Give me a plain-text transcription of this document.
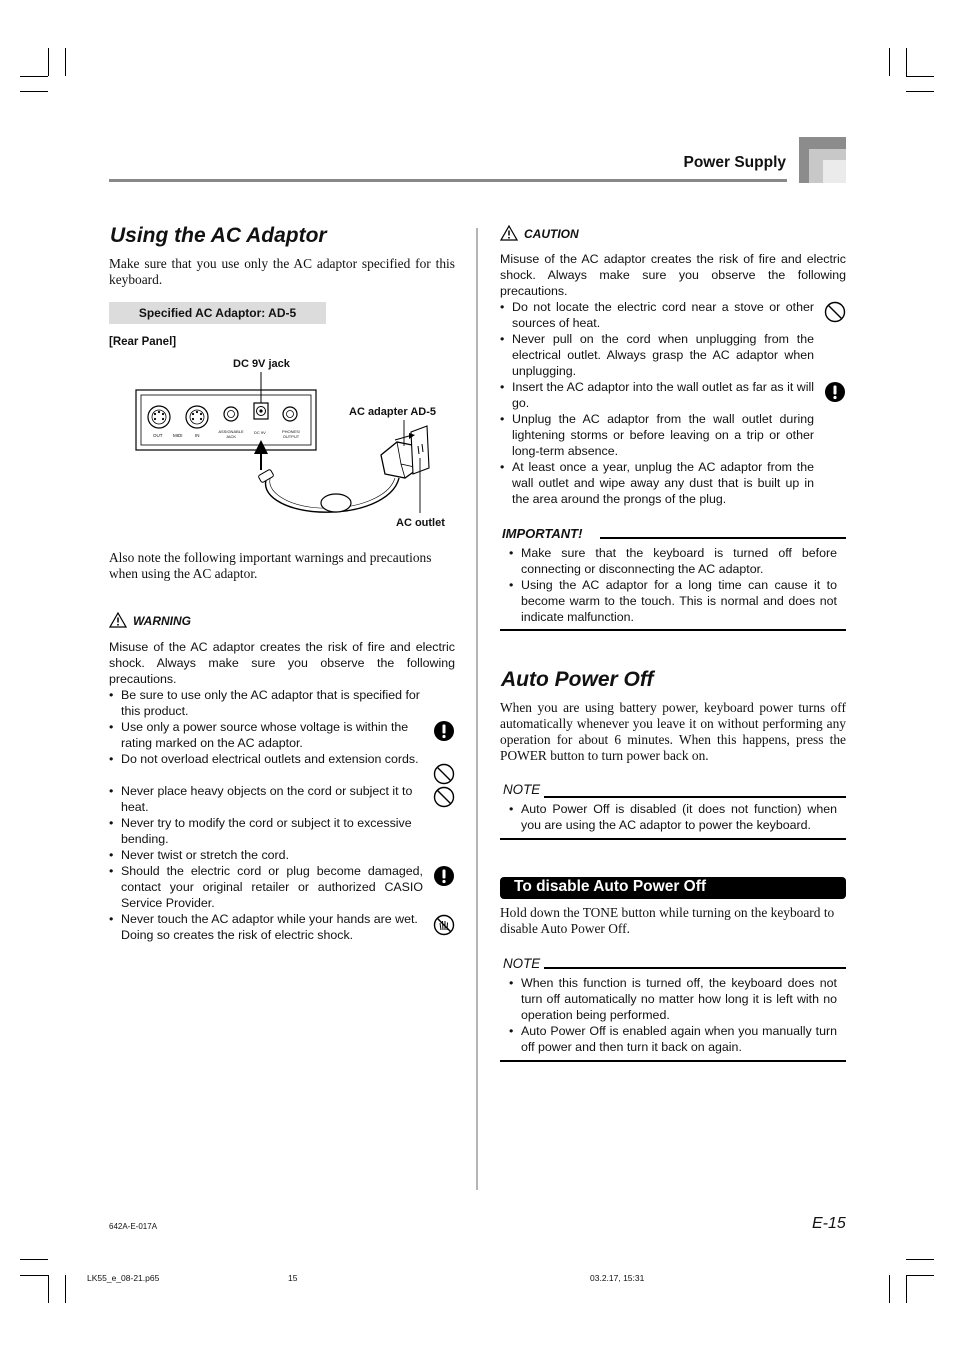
Power Supply
Using the AC Adaptor
Make sure that you use only the AC adaptor specified for this keyboard.
Specified AC Adaptor: AD-5
[Rear Panel]
DC 9V jack
AC adapter AD-5
AC outlet
OUT MIDI	IN
ASSIGNABLE JACK
DC 9V	PHONES/ OUTPUT
Also note the following important warnings and precautions when using the AC adaptor.
WARNING
Misuse of the AC adaptor creates the risk of fire and electric shock. Always make sure you observe the following precautions.
• Be sure to use only the AC adaptor that is specified for this product.
• Use only a power source whose voltage is within the rating marked on the AC adaptor.
• Do not overload electrical outlets and extension cords.
• Never place heavy objects on the cord or subject it to heat.
• Never try to modify the cord or subject it to excessive bending.
• Never twist or stretch the cord.
• Should the electric cord or plug become damaged, contact your original retailer or authorized CASIO Service Provider.
• Never touch the AC adaptor while your hands are wet. Doing so creates the risk of electric shock.
CAUTION
Misuse of the AC adaptor creates the risk of fire and electric shock. Always make sure you observe the following precautions.
• Do not locate the electric cord near a stove or other sources of heat.
• Never pull on the cord when unplugging from the electrical outlet. Always grasp the AC adaptor when unplugging.
• Insert the AC adaptor into the wall outlet as far as it will go.
• Unplug the AC adaptor from the wall outlet during lightening storms or before leaving on a trip or other long-term absence.
• At least once a year, unplug the AC adaptor from the wall outlet and wipe away any dust that is built up in the area around the prongs of the plug.
IMPORTANT!
• Make sure that the keyboard is turned off before connecting or disconnecting the AC adaptor.
• Using the AC adaptor for a long time can cause it to become warm to the touch. This is normal and does not indicate malfunction.
Auto Power Off
When you are using battery power, keyboard power turns off automatically whenever you leave it on without performing any operation for about 6 minutes. When this happens, press the POWER button to turn power back on.
NOTE
• Auto Power Off is disabled (it does not function) when you are using the AC adaptor to power the keyboard.
To disable Auto Power Off
Hold down the TONE button while turning on the keyboard to disable Auto Power Off.
NOTE
• When this function is turned off, the keyboard does not turn off automatically no matter how long it is left with no operation being performed.
• Auto Power Off is enabled again when you manually turn off power and then turn it back on again.
642A-E-017A	E-15
LK55_e_08-21.p65	15	03.2.17, 15:31
